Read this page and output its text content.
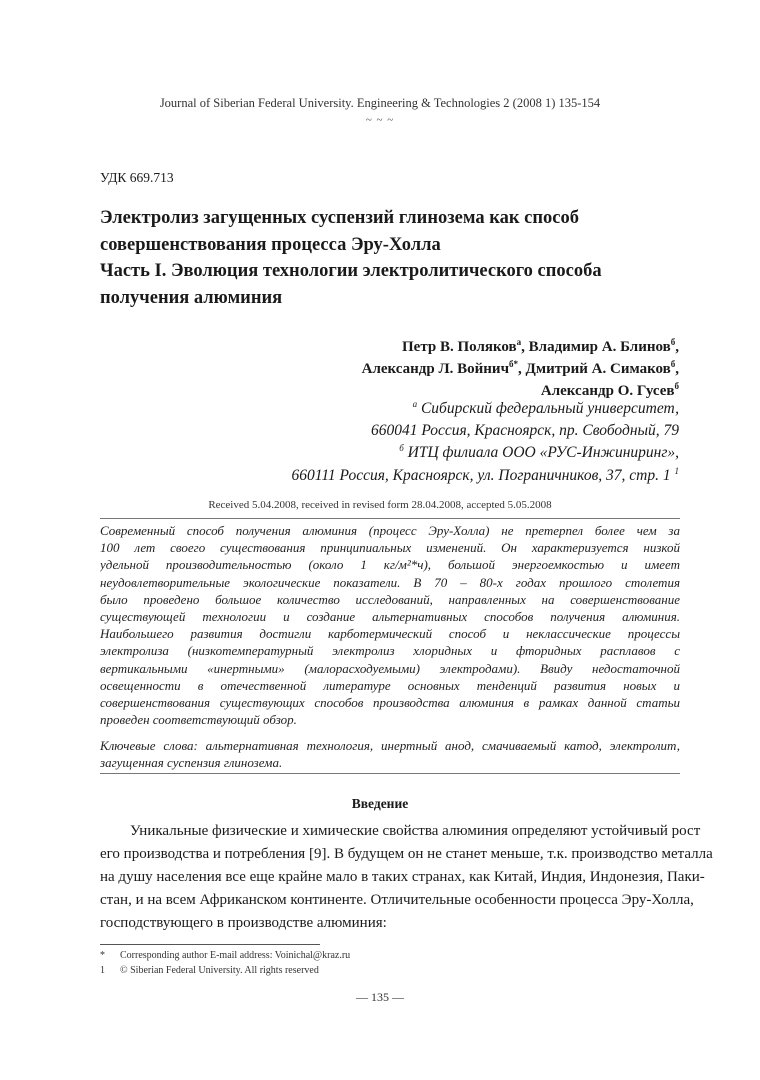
Journal of Siberian Federal University. Engineering & Technologies 2 (2008 1) 135-154
~ ~ ~
УДК 669.713
Электролиз загущенных суспензий глинозема как способ
совершенствования процесса Эру-Холла
Часть I. Эволюция технологии электролитического способа
получения алюминия
Петр В. Поляков$^а$, Владимир А. Блинов$^б$,
Александр Л. Войнич$^{б*}$, Дмитрий А. Симаков$^б$,
Александр О. Гусев$^б$
$^а$ Сибирский федеральный университет,
660041 Россия, Красноярск, пр. Свободный, 79
$^б$ ИТЦ филиала ООО «РУС-Инжиниринг»,
660111 Россия, Красноярск, ул. Пограничников, 37, стр. 1 $^1$
Received 5.04.2008, received in revised form 28.04.2008, accepted 5.05.2008
Современный способ получения алюминия (процесс Эру-Холла) не претерпел более чем за
100 лет своего существования принципиальных изменений. Он характеризуется низкой
удельной производительностью (около 1 кг/м²*ч), большой энергоемкостью и имеет
неудовлетворительные экологические показатели. В 70 – 80-х годах прошлого столетия
было проведено большое количество исследований, направленных на совершенствование
существующей технологии и создание альтернативных способов получения алюминия.
Наибольшего развития достигли карботермический способ и неклассические процессы
электролиза (низкотемпературный электролиз хлоридных и фторидных расплавов с
вертикальными «инертными» (малорасходуемыми) электродами). Ввиду недостаточной
освещенности в отечественной литературе основных тенденций развития новых и
совершенствования существующих способов производства алюминия в рамках данной статьи
проведен соответствующий обзор.
Ключевые слова: альтернативная технология, инертный анод, смачиваемый катод, электролит,
загущенная суспензия глинозема.
Введение
Уникальные физические и химические свойства алюминия определяют устойчивый рост
его производства и потребления [9]. В будущем он не станет меньше, т.к. производство металла
на душу населения все еще крайне мало в таких странах, как Китай, Индия, Индонезия, Паки-
стан, и на всем Африканском континенте. Отличительные особенности процесса Эру-Холла,
господствующего в производстве алюминия:
* Corresponding author E-mail address: Voinichal@kraz.ru
1 © Siberian Federal University. All rights reserved
— 135 —
